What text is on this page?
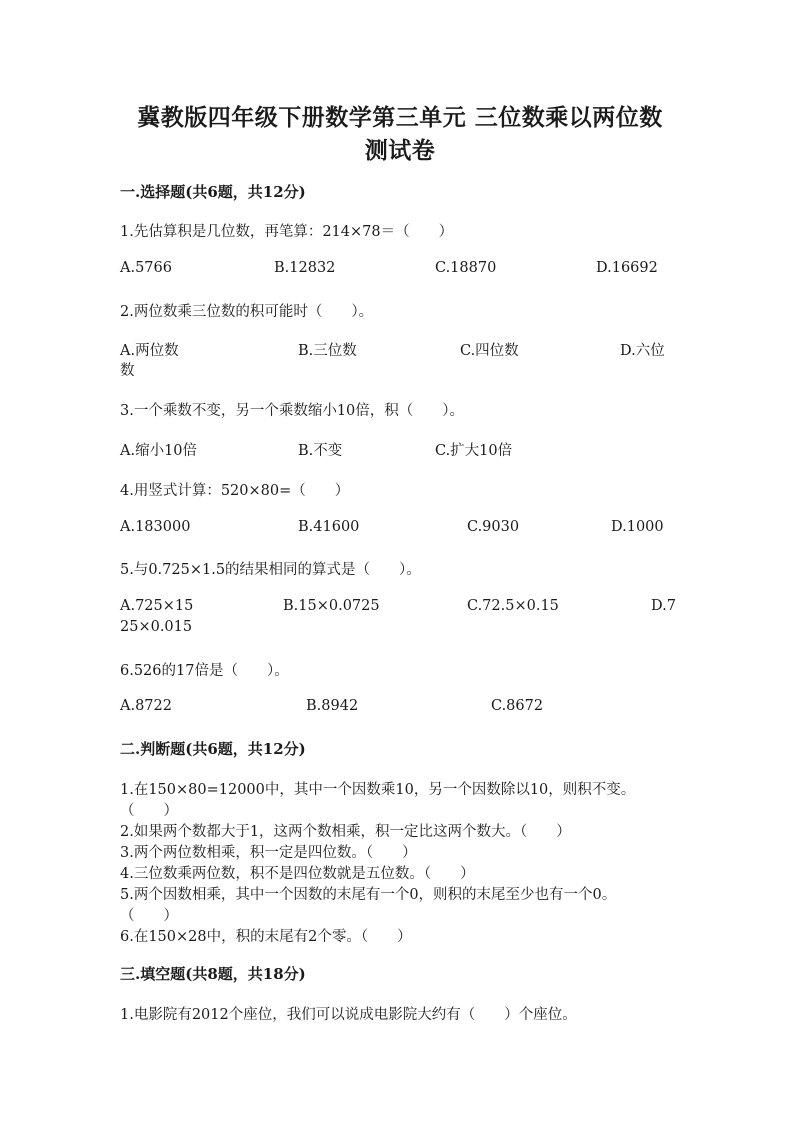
冀教版四年级下册数学第三单元 三位数乘以两位数
测试卷
一.选择题(共6题，共12分)
1.先估算积是几位数，再笔算：214×78＝（　　）
A.5766	B.12832	C.18870	D.16692
2.两位数乘三位数的积可能时（　　）。
A.两位数	B.三位数	C.四位数	D.六位
数
3.一个乘数不变，另一个乘数缩小10倍，积（　　）。
A.缩小10倍	B.不变	C.扩大10倍
4.用竖式计算：520×80=（　　）
A.183000	B.41600	C.9030	D.1000
5.与0.725×1.5的结果相同的算式是（　　）。
A.725×15	B.15×0.0725	C.72.5×0.15	D.7
25×0.015
6.526的17倍是（　　）。
A.8722	B.8942	C.8672
二.判断题(共6题，共12分)
1.在150×80=12000中，其中一个因数乘10，另一个因数除以10，则积不变。
（　　）
2.如果两个数都大于1，这两个数相乘，积一定比这两个数大。（　　）
3.两个两位数相乘，积一定是四位数。（　　）
4.三位数乘两位数，积不是四位数就是五位数。（　　）
5.两个因数相乘，其中一个因数的末尾有一个0，则积的末尾至少也有一个0。
（　　）
6.在150×28中，积的末尾有2个零。（　　）
三.填空题(共8题，共18分)
1.电影院有2012个座位，我们可以说成电影院大约有（　　）个座位。
